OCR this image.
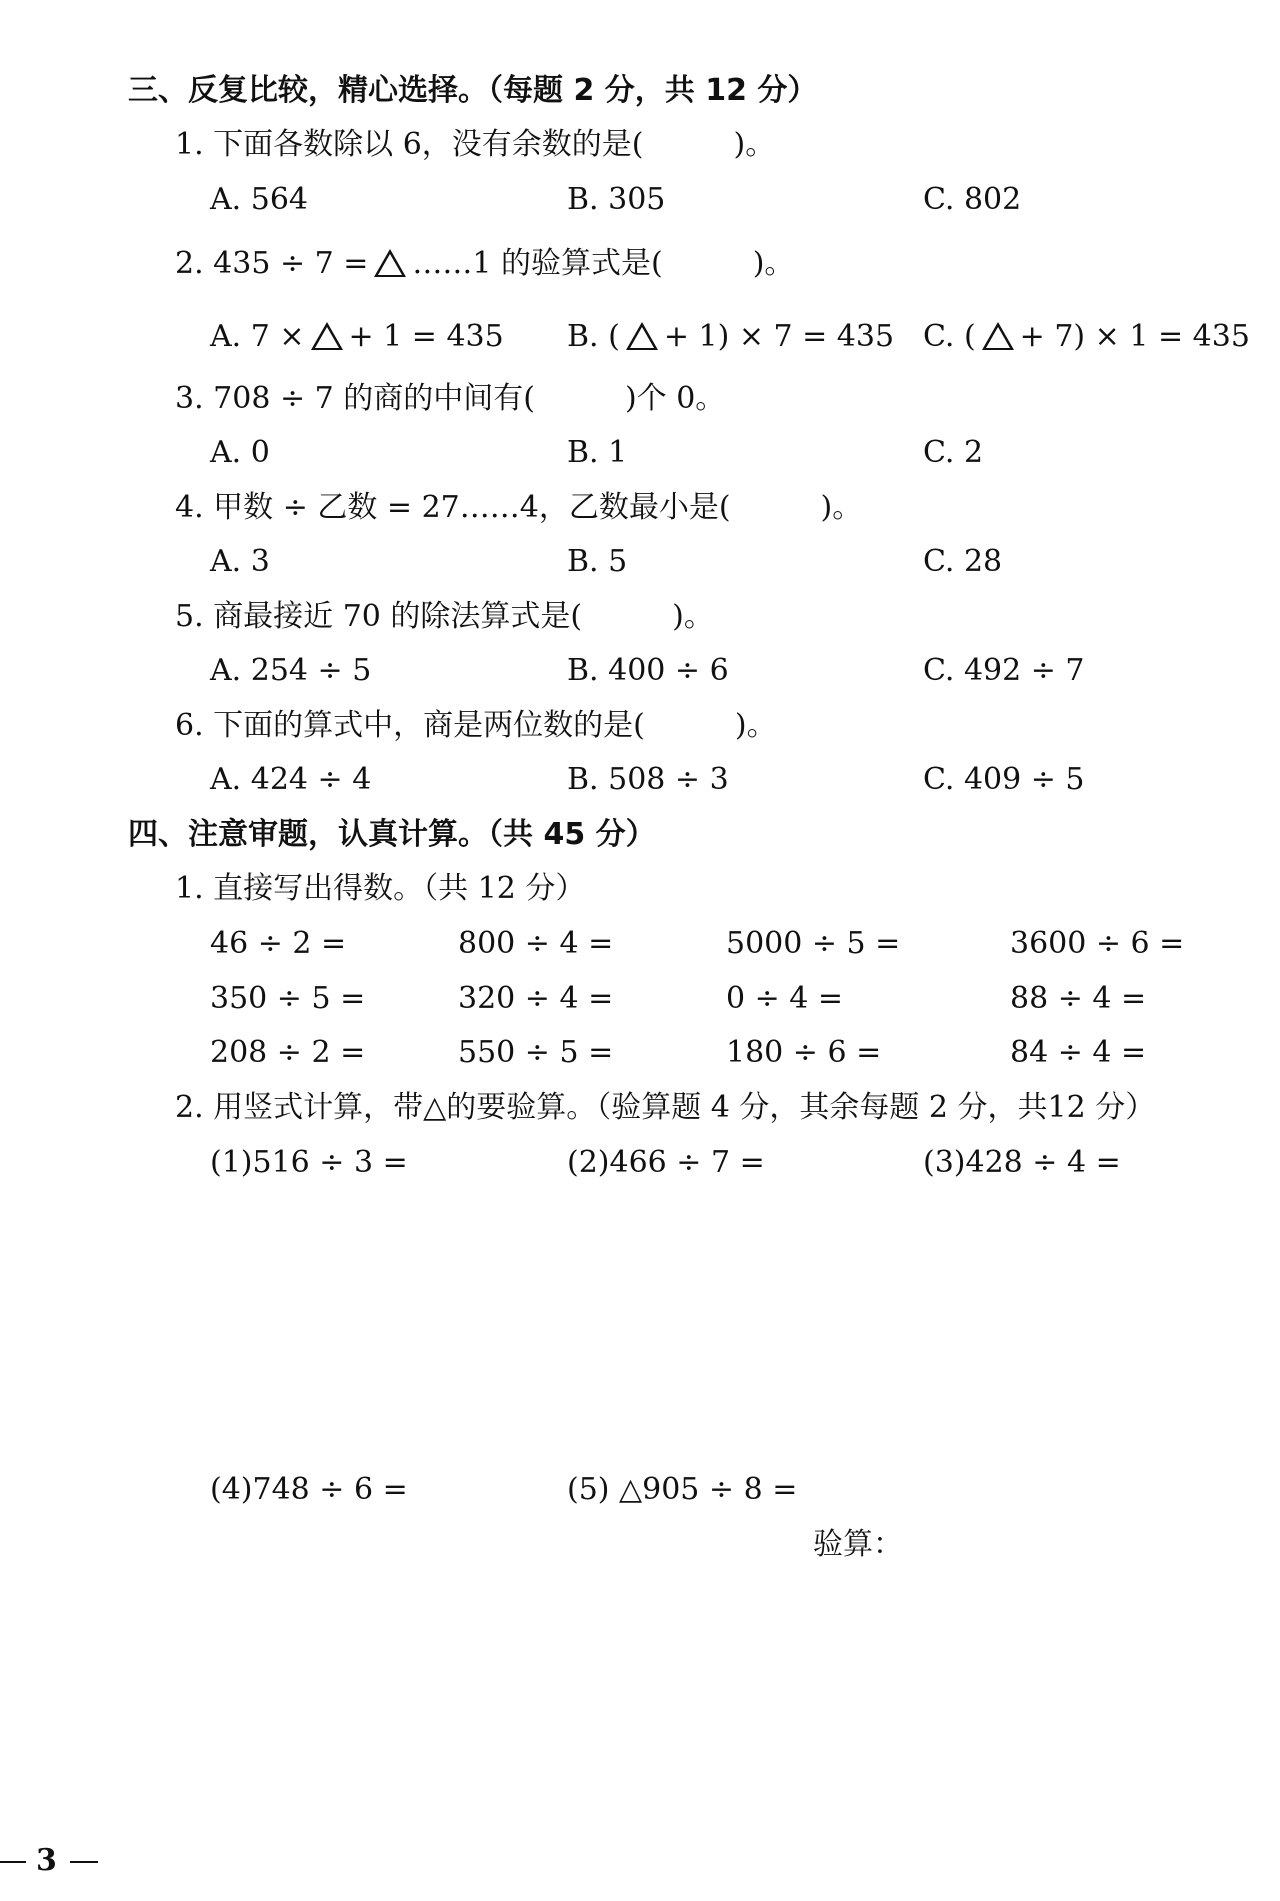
三、反复比较，精心选择。（每题 2 分，共 12 分）
1. 下面各数除以 6，没有余数的是(　　　)。
A. 564	B. 305	C. 802
2. 435 ÷ 7 = ……1 的验算式是(　　　)。
A. 7 × + 1 = 435 B. ( + 1) × 7 = 435 C. ( + 7) × 1 = 435
3. 708 ÷ 7 的商的中间有(　　　)个 0。
A. 0	B. 1	C. 2
4. 甲数 ÷ 乙数 = 27……4，乙数最小是(　　　)。
A. 3	B. 5	C. 28
5. 商最接近 70 的除法算式是(　　　)。
A. 254 ÷ 5	B. 400 ÷ 6	C. 492 ÷ 7
6. 下面的算式中，商是两位数的是(　　　)。
A. 424 ÷ 4	B. 508 ÷ 3	C. 409 ÷ 5
四、注意审题，认真计算。（共 45 分）
1. 直接写出得数。（共 12 分）
46 ÷ 2 =	800 ÷ 4 =	5000 ÷ 5 =	3600 ÷ 6 =
350 ÷ 5 =	320 ÷ 4 =	0 ÷ 4 =	88 ÷ 4 =
208 ÷ 2 =	550 ÷ 5 =	180 ÷ 6 =	84 ÷ 4 =
2. 用竖式计算，带△的要验算。（验算题 4 分，其余每题 2 分，共12 分）
(1)516 ÷ 3 =	(2)466 ÷ 7 =	(3)428 ÷ 4 =
(4)748 ÷ 6 =	(5) △905 ÷ 8 =
验算：
3
